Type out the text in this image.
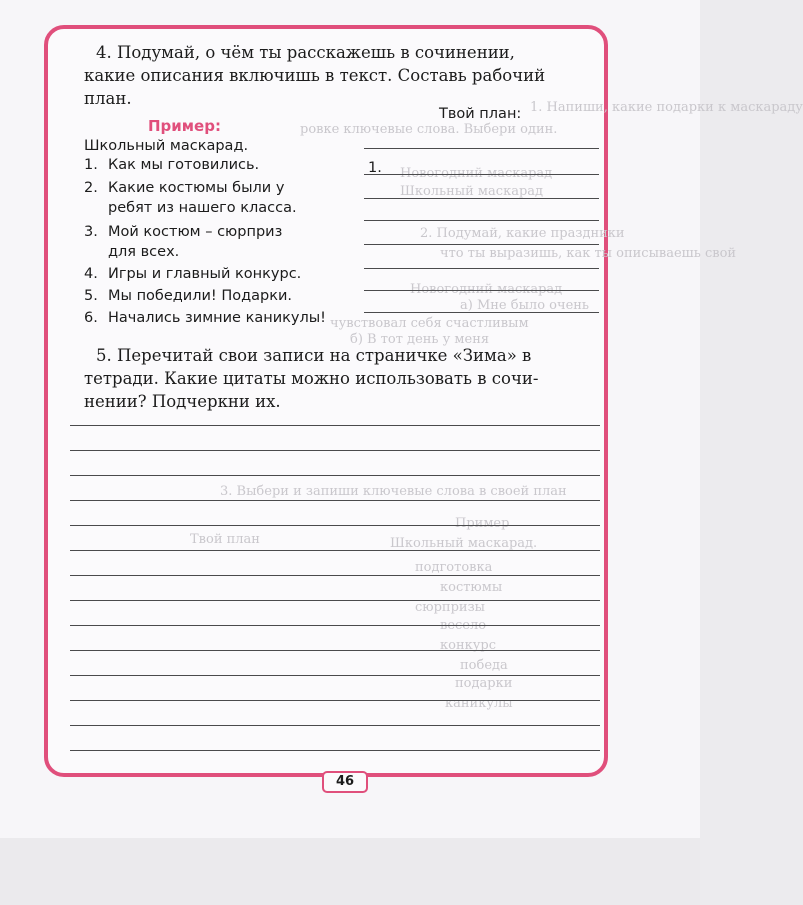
1. Напиши, какие подарки к маскараду
ровке ключевые слова. Выбери один.
Новогодний маскарад
Школьный маскарад
2. Подумай, какие праздники
что ты выразишь, как ты описываешь свой
Новогодний маскарад
а) Мне было очень
чувствовал себя счастливым
б) В тот день у меня
3. Выбери и запиши ключевые слова в своей план
Пример
Школьный маскарад.
Твой план
подготовка
костюмы
сюрпризы
весело
конкурс
победа
подарки
каникулы
4. Подумай, о чём ты расскажешь в сочинении,
какие описания включишь в текст. Составь рабочий
план.
Пример:
Твой план:
Школьный маскарад.
1. Как мы готовились.
2. Какие костюмы были у
ребят из нашего класса.
3. Мой костюм – сюрприз
для всех.
4. Игры и главный конкурс.
5. Мы победили! Подарки.
6. Начались зимние каникулы!
1.
5. Перечитай свои записи на страничке «Зима» в
тетради. Какие цитаты можно использовать в сочи-
нении? Подчеркни их.
46
